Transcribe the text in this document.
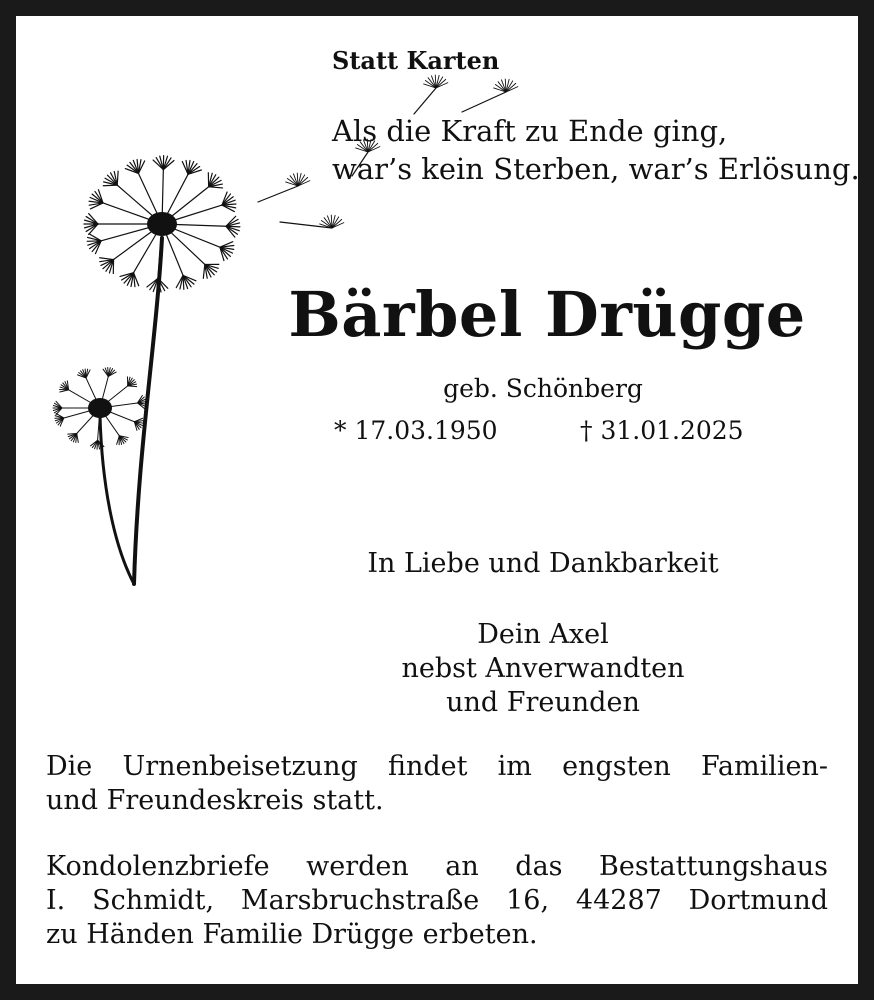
Statt Karten
Als die Kraft zu Ende ging,
war’s kein Sterben, war’s Erlösung.
Bärbel Drügge
geb. Schönberg
* 17.03.1950	† 31.01.2025
In Liebe und Dankbarkeit
Dein Axel
nebst Anverwandten
und Freunden
Die Urnenbeisetzung findet im engsten Familien-
und Freundeskreis statt.
Kondolenzbriefe werden an das Bestattungshaus
I. Schmidt, Marsbruchstraße 16, 44287 Dortmund
zu Händen Familie Drügge erbeten.
